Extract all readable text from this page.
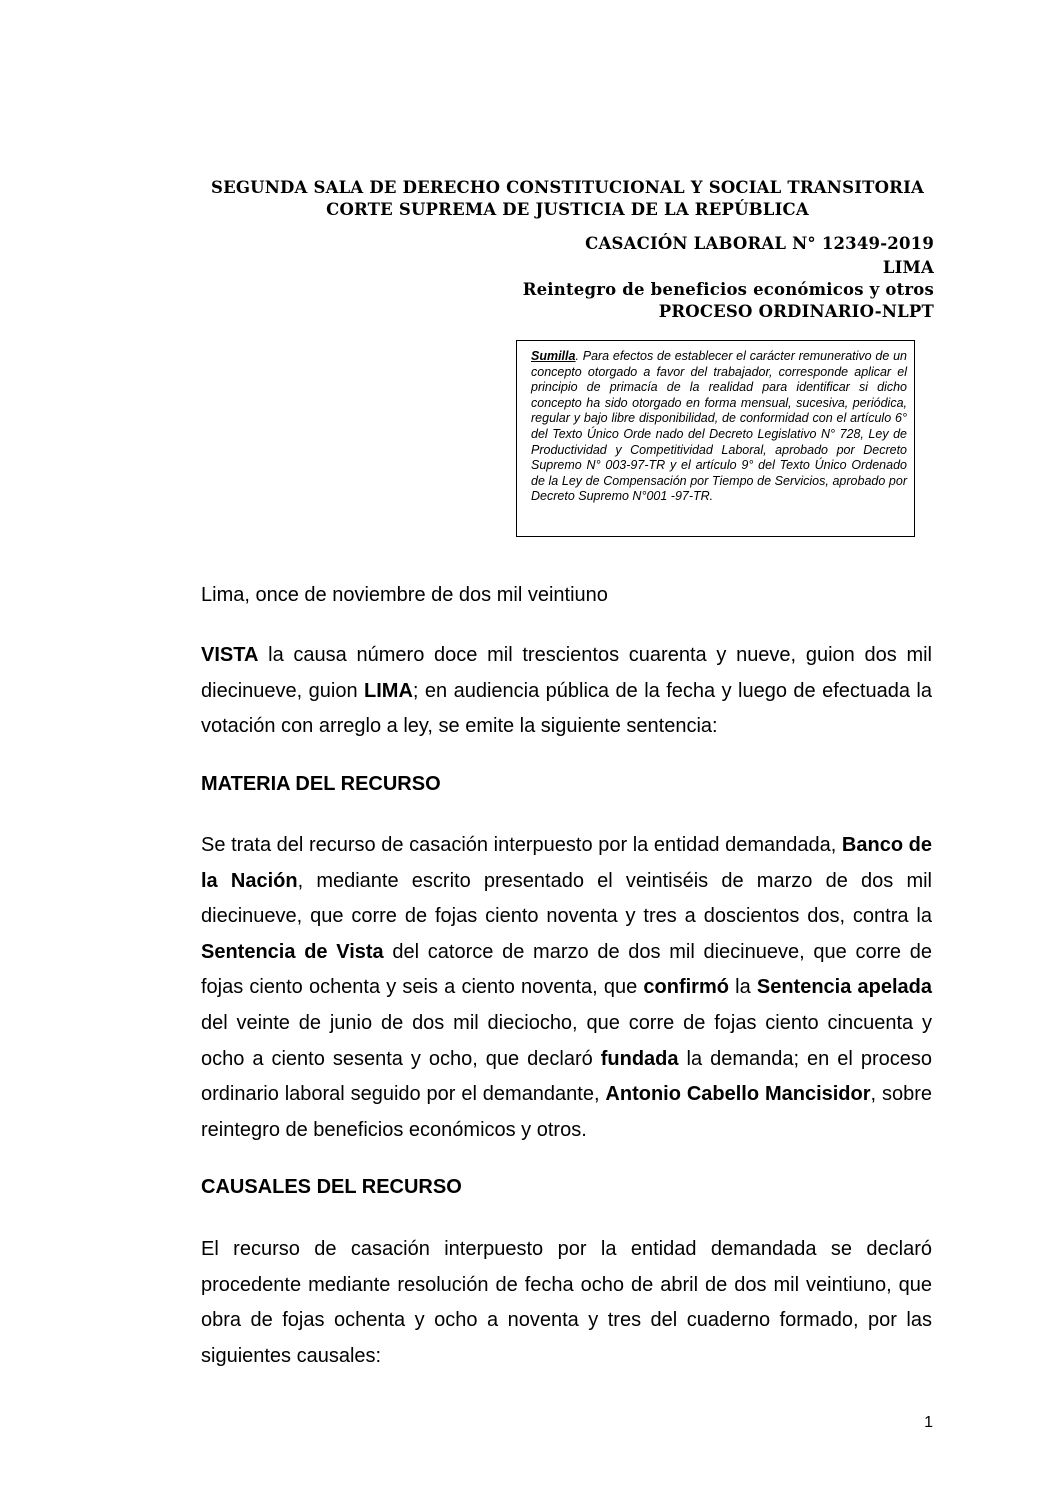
SEGUNDA SALA DE DERECHO CONSTITUCIONAL Y SOCIAL TRANSITORIA
CORTE SUPREMA DE JUSTICIA DE LA REPÚBLICA
CASACIÓN LABORAL N° 12349-2019
LIMA
Reintegro de beneficios económicos y otros
PROCESO ORDINARIO-NLPT
Sumilla. Para efectos de establecer el carácter remunerativo de un concepto otorgado a favor del trabajador, corresponde aplicar el principio de primacía de la realidad para identificar si dicho concepto ha sido otorgado en forma mensual, sucesiva, periódica, regular y bajo libre disponibilidad, de conformidad con el artículo 6° del Texto Único Orde nado del Decreto Legislativo N° 728, Ley de Productividad y Competitividad Laboral, aprobado por Decreto Supremo N° 003-97-TR y el artículo 9° del Texto Único Ordenado de la Ley de Compensación por Tiempo de Servicios, aprobado por Decreto Supremo N°001 -97-TR.

Lima, once de noviembre de dos mil veintiuno

VISTA la causa número doce mil trescientos cuarenta y nueve, guion dos mil diecinueve, guion LIMA; en audiencia pública de la fecha y luego de efectuada la votación con arreglo a ley, se emite la siguiente sentencia:

MATERIA DEL RECURSO

Se trata del recurso de casación interpuesto por la entidad demandada, Banco de la Nación, mediante escrito presentado el veintiséis de marzo de dos mil diecinueve, que corre de fojas ciento noventa y tres a doscientos dos, contra la Sentencia de Vista del catorce de marzo de dos mil diecinueve, que corre de fojas ciento ochenta y seis a ciento noventa, que confirmó la Sentencia apelada del veinte de junio de dos mil dieciocho, que corre de fojas ciento cincuenta y ocho a ciento sesenta y ocho, que declaró fundada la demanda; en el proceso ordinario laboral seguido por el demandante, Antonio Cabello Mancisidor, sobre reintegro de beneficios económicos y otros.

CAUSALES DEL RECURSO

El recurso de casación interpuesto por la entidad demandada se declaró procedente mediante resolución de fecha ocho de abril de dos mil veintiuno, que obra de fojas ochenta y ocho a noventa y tres del cuaderno formado, por las siguientes causales:

1
